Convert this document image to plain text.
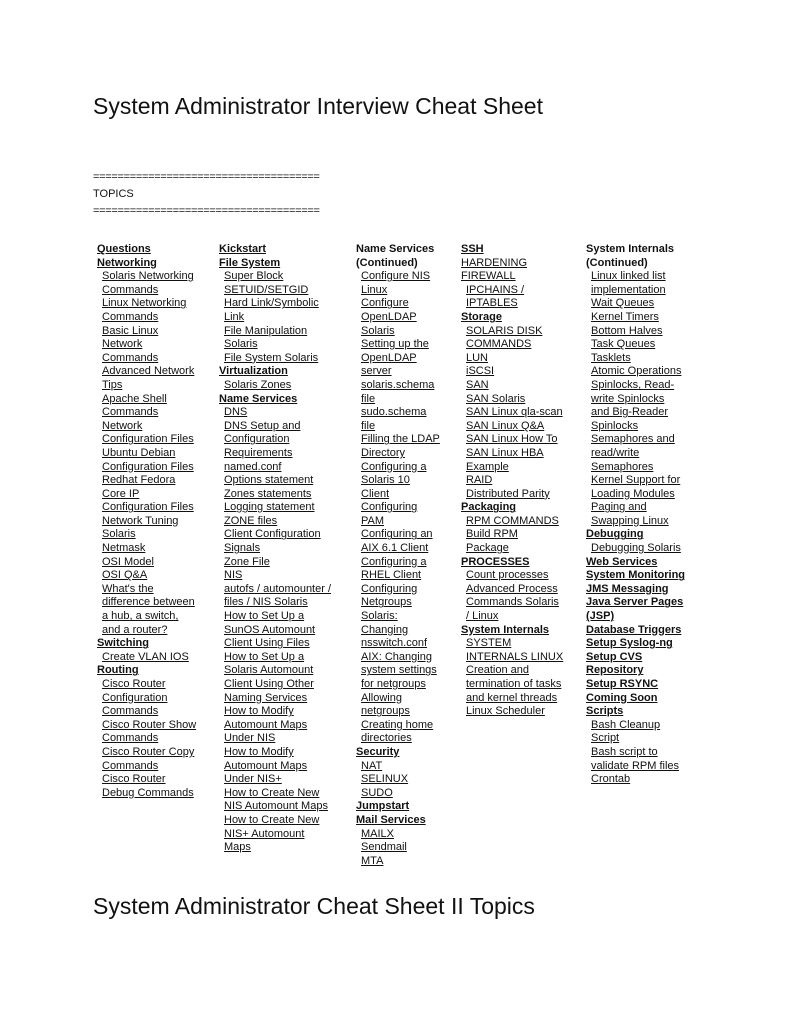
System Administrator Interview Cheat Sheet
=====================================
TOPICS
=====================================
Questions
Networking
Solaris Networking
Commands
Linux Networking
Commands
Basic Linux
Network
Commands
Advanced Network
Tips
Apache Shell
Commands
Network
Configuration Files
Ubuntu Debian
Configuration Files
Redhat Fedora
Core IP
Configuration Files
Network Tuning
Solaris
Netmask
OSI Model
OSI Q&A
What's the
difference between
a hub, a switch,
and a router?
Switching
Create VLAN IOS
Routing
Cisco Router
Configuration
Commands
Cisco Router Show
Commands
Cisco Router Copy
Commands
Cisco Router
Debug Commands
Kickstart
File System
Super Block
SETUID/SETGID
Hard Link/Symbolic
Link
File Manipulation
Solaris
File System Solaris
Virtualization
Solaris Zones
Name Services
DNS
DNS Setup and
Configuration
Requirements
named.conf
Options statement
Zones statements
Logging statement
ZONE files
Client Configuration
Signals
Zone File
NIS
autofs / automounter /
files / NIS Solaris
How to Set Up a
SunOS Automount
Client Using Files
How to Set Up a
Solaris Automount
Client Using Other
Naming Services
How to Modify
Automount Maps
Under NIS
How to Modify
Automount Maps
Under NIS+
How to Create New
NIS Automount Maps
How to Create New
NIS+ Automount
Maps
Name Services
(Continued)
Configure NIS
Linux
Configure
OpenLDAP
Solaris
Setting up the
OpenLDAP
server
solaris.schema
file
sudo.schema
file
Filling the LDAP
Directory
Configuring a
Solaris 10
Client
Configuring
PAM
Configuring an
AIX 6.1 Client
Configuring a
RHEL Client
Configuring
Netgroups
Solaris:
Changing
nsswitch.conf
AIX: Changing
system settings
for netgroups
Allowing
netgroups
Creating home
directories
Security
NAT
SELINUX
SUDO
Jumpstart
Mail Services
MAILX
Sendmail
MTA
SSH
HARDENING
FIREWALL
IPCHAINS /
IPTABLES
Storage
SOLARIS DISK
COMMANDS
LUN
iSCSI
SAN
SAN Solaris
SAN Linux qla-scan
SAN Linux Q&A
SAN Linux How To
SAN Linux HBA
Example
RAID
Distributed Parity
Packaging
RPM COMMANDS
Build RPM
Package
PROCESSES
Count processes
Advanced Process
Commands Solaris
/ Linux
System Internals
SYSTEM
INTERNALS LINUX
Creation and
termination of tasks
and kernel threads
Linux Scheduler
System Internals
(Continued)
Linux linked list
implementation
Wait Queues
Kernel Timers
Bottom Halves
Task Queues
Tasklets
Atomic Operations
Spinlocks, Read-
write Spinlocks
and Big-Reader
Spinlocks
Semaphores and
read/write
Semaphores
Kernel Support for
Loading Modules
Paging and
Swapping Linux
Debugging
Debugging Solaris
Web Services
System Monitoring
JMS Messaging
Java Server Pages
(JSP)
Database Triggers
Setup Syslog-ng
Setup CVS
Repository
Setup RSYNC
Coming Soon
Scripts
Bash Cleanup
Script
Bash script to
validate RPM files
Crontab
System Administrator Cheat Sheet II Topics
